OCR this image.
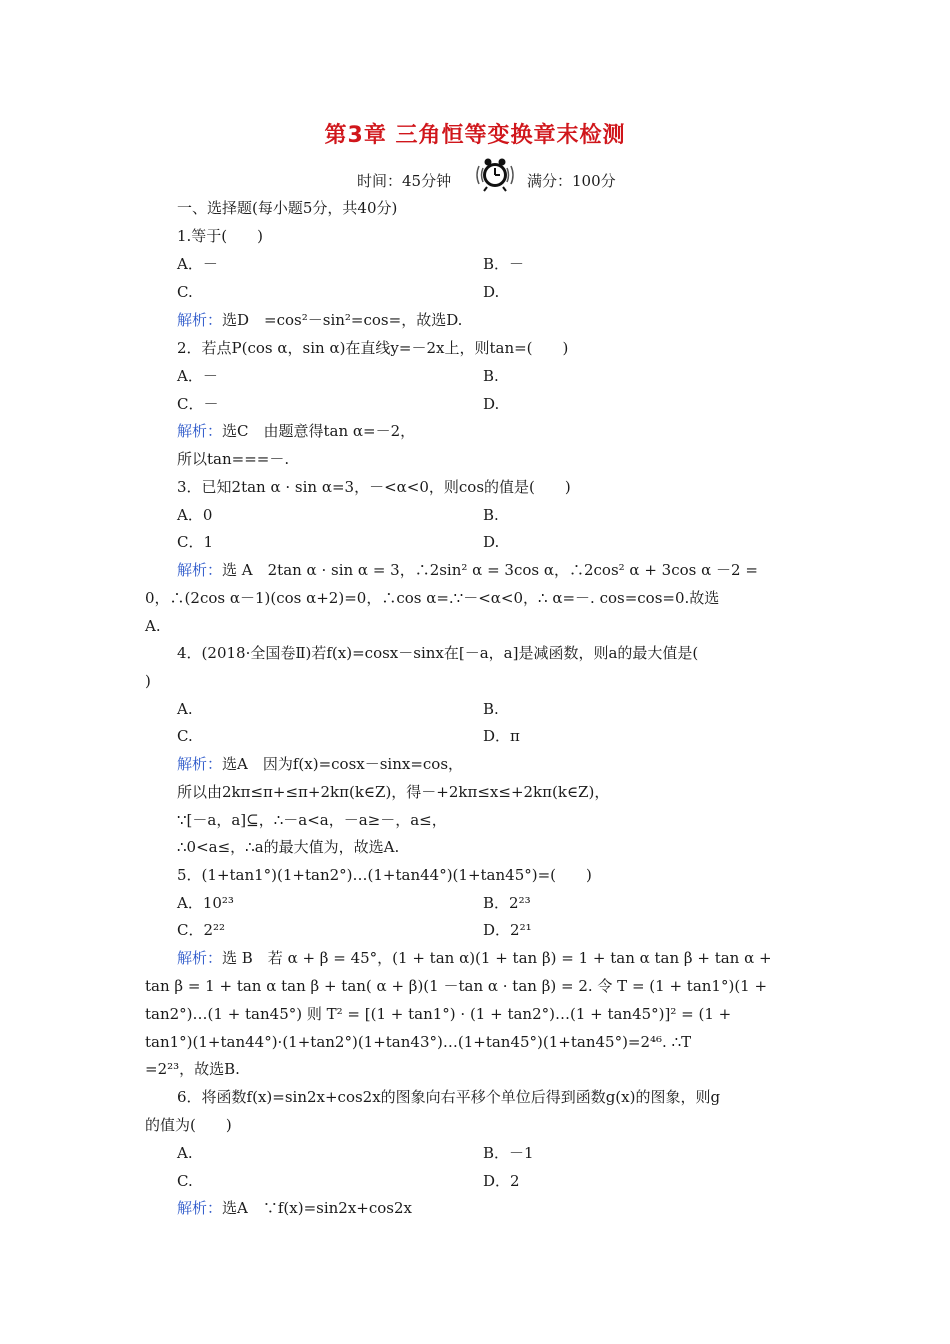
第3章 三角恒等变换章末检测
时间：45分钟	满分：100分
一、选择题(每小题5分，共40分)
1.等于(　　)
A．－	B．－
C.	D.
解析：选D　=cos²－sin²=cos=，故选D.
2．若点P(cos α，sin α)在直线y=－2x上，则tan=(　　)
A．－	B.
C．－	D.
解析：选C　由题意得tan α=－2，
所以tan===－.
3．已知2tan α · sin α=3，－<α<0，则cos的值是(　　)
A．0	B.
C．1	D.
解析：选 A　2tan α · sin α = 3，∴2sin² α = 3cos α，∴2cos² α + 3cos α －2 =
0，∴(2cos α－1)(cos α+2)=0，∴cos α=.∵－<α<0，∴ α=－. cos=cos=0.故选
A.
4．(2018·全国卷Ⅱ)若f(x)=cosx－sinx在[－a，a]是减函数，则a的最大值是(
)
A.	B.
C.	D．π
解析：选A　因为f(x)=cosx－sinx=cos，
所以由2kπ≤π+≤π+2kπ(k∈Z)，得－+2kπ≤x≤+2kπ(k∈Z)，
∵[－a，a]⊆，∴－a<a，－a≥－，a≤，
∴0<a≤，∴a的最大值为，故选A.
5．(1+tan1°)(1+tan2°)…(1+tan44°)(1+tan45°)=(　　)
A．10²³	B．2²³
C．2²²	D．2²¹
解析：选 B　若 α + β = 45°，(1 + tan α)(1 + tan β) = 1 + tan α tan β + tan α +
tan β = 1 + tan α tan β + tan( α + β)(1 －tan α · tan β) = 2. 令 T = (1 + tan1°)(1 +
tan2°)…(1 + tan45°) 则 T² = [(1 + tan1°) · (1 + tan2°)…(1 + tan45°)]² = (1 +
tan1°)(1+tan44°)·(1+tan2°)(1+tan43°)…(1+tan45°)(1+tan45°)=2⁴⁶. ∴T
=2²³，故选B.
6．将函数f(x)=sin2x+cos2x的图象向右平移个单位后得到函数g(x)的图象，则g
的值为(　　)
A.	B．－1
C.	D．2
解析：选A　∵f(x)=sin2x+cos2x
